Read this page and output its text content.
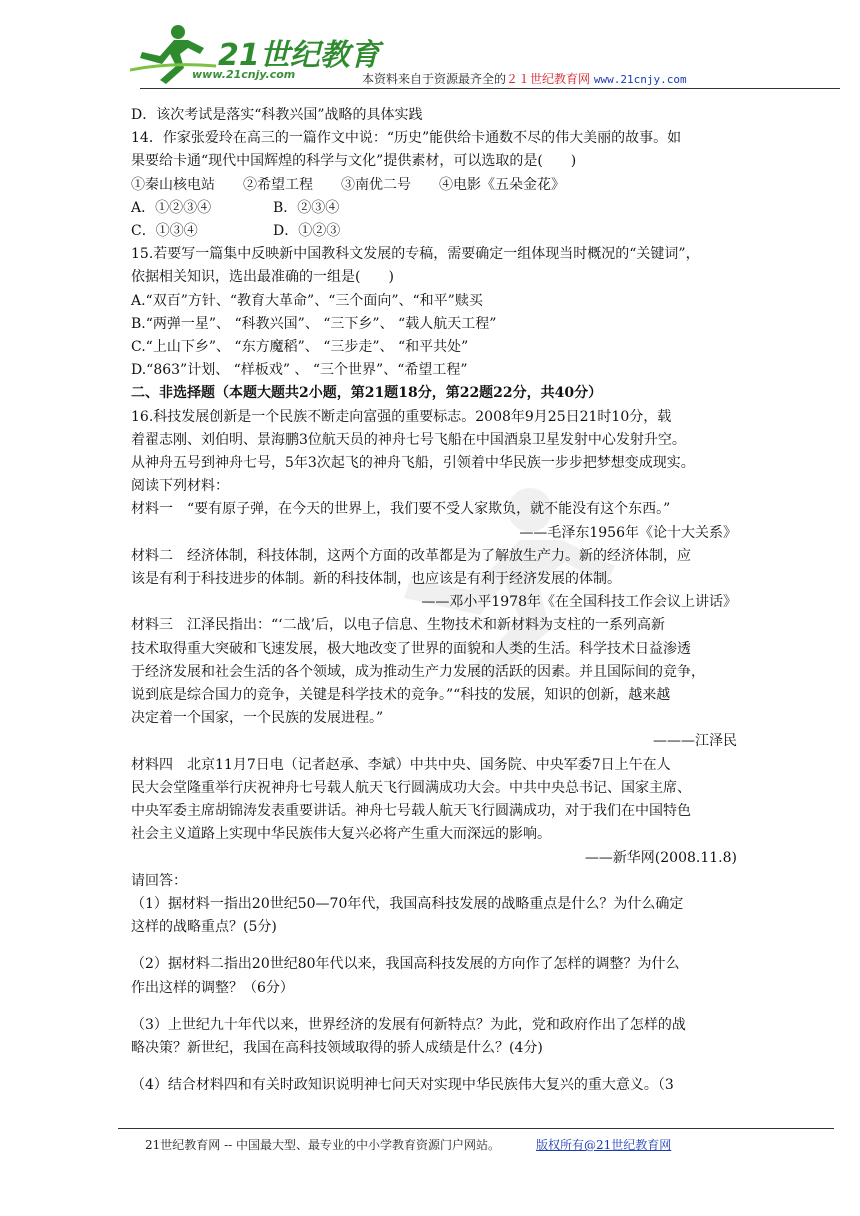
21世纪教育
www.21cnjy.com	本资料来自于资源最齐全的２１世纪教育网 www.21cnjy.com

D．该次考试是落实“科教兴国”战略的具体实践

14．作家张爱玲在高三的一篇作文中说：“历史”能供给卡通数不尽的伟大美丽的故事。如

果要给卡通“现代中国辉煌的科学与文化”提供素材，可以选取的是(　　)

①秦山核电站　　②希望工程　　③南优二号　　④电影《五朵金花》

A．①②③④	B．②③④

C．①③④	D．①②③

15.若要写一篇集中反映新中国教科文发展的专稿，需要确定一组体现当时概况的“关键词”，

依据相关知识，选出最准确的一组是(　　)

A.“双百”方针、“教育大革命”、“三个面向”、“和平”赎买

B.“两弹一星”、 “科教兴国”、 “三下乡”、 “载人航天工程”

C.“上山下乡”、 “东方魔稻”、 “三步走”、 “和平共处”

D.“863”计划、 “样板戏” 、 “三个世界”、“希望工程”

二、非选择题（本题大题共2小题，第21题18分，第22题22分，共40分）

16.科技发展创新是一个民族不断走向富强的重要标志。2008年9月25日21时10分，载

着翟志刚、刘伯明、景海鹏3位航天员的神舟七号飞船在中国酒泉卫星发射中心发射升空。

从神舟五号到神舟七号，5年3次起飞的神舟飞船，引领着中华民族一步步把梦想变成现实。

阅读下列材料：

材料一　“要有原子弹，在今天的世界上，我们要不受人家欺负，就不能没有这个东西。”

——毛泽东1956年《论十大关系》

材料二　经济体制，科技体制，这两个方面的改革都是为了解放生产力。新的经济体制，应

该是有利于科技进步的体制。新的科技体制，也应该是有利于经济发展的体制。

——邓小平1978年《在全国科技工作会议上讲话》

材料三　江泽民指出：“‘二战’后，以电子信息、生物技术和新材料为支柱的一系列高新

技术取得重大突破和飞速发展，极大地改变了世界的面貌和人类的生活。科学技术日益渗透

于经济发展和社会生活的各个领域，成为推动生产力发展的活跃的因素。并且国际间的竞争，

说到底是综合国力的竞争，关键是科学技术的竞争。”“科技的发展，知识的创新，越来越

决定着一个国家，一个民族的发展进程。”

———江泽民

材料四　北京11月7日电（记者赵承、李斌）中共中央、国务院、中央军委7日上午在人

民大会堂隆重举行庆祝神舟七号载人航天飞行圆满成功大会。中共中央总书记、国家主席、

中央军委主席胡锦涛发表重要讲话。神舟七号载人航天飞行圆满成功，对于我们在中国特色

社会主义道路上实现中华民族伟大复兴必将产生重大而深远的影响。

——新华网(2008.11.8)

请回答：

（1）据材料一指出20世纪50—70年代，我国高科技发展的战略重点是什么？为什么确定

这样的战略重点？(5分)

（2）据材料二指出20世纪80年代以来，我国高科技发展的方向作了怎样的调整？为什么

作出这样的调整？（6分）

（3）上世纪九十年代以来，世界经济的发展有何新特点？为此，党和政府作出了怎样的战

略决策？新世纪，我国在高科技领域取得的骄人成绩是什么？(4分)

（4）结合材料四和有关时政知识说明神七问天对实现中华民族伟大复兴的重大意义。（3

21世纪教育网 -- 中国最大型、最专业的中小学教育资源门户网站。	版权所有@21世纪教育网
